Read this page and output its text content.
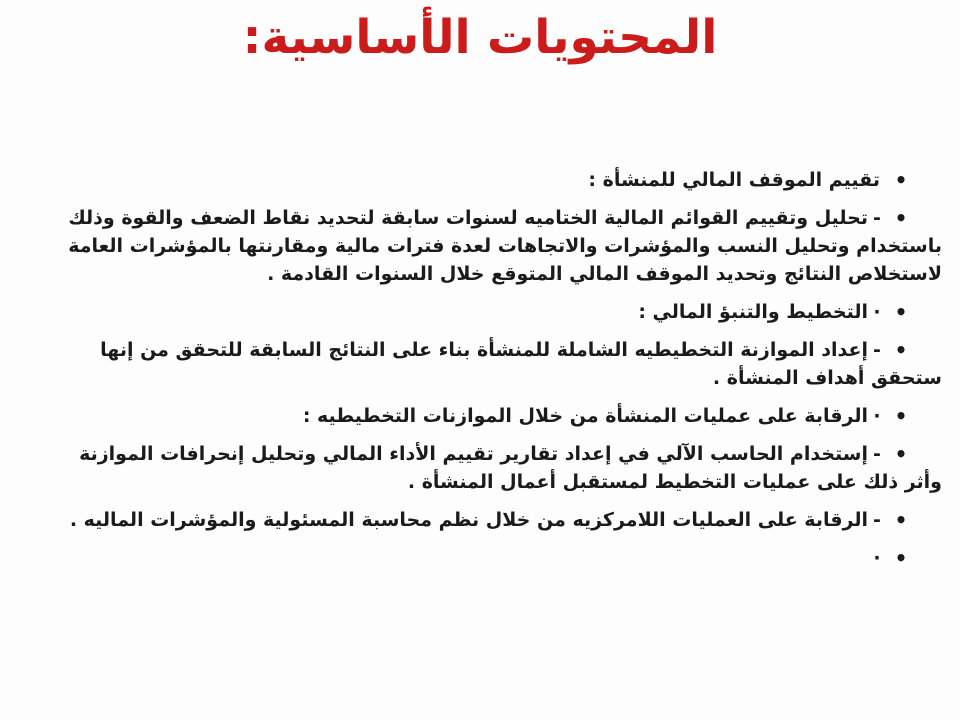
المحتويات الأساسية:
•
تقييم الموقف المالي للمنشأة :
•
-
تحليل وتقييم القوائم المالية الختاميه لسنوات سابقة لتحديد نقاط الضعف والقوة وذلك باستخدام وتحليل النسب والمؤشرات والاتجاهات لعدة فترات مالية ومقارنتها بالمؤشرات العامة لاستخلاص النتائج وتحديد الموقف المالي المتوقع خلال السنوات القادمة .
•
·
التخطيط والتنبؤ المالي :
•
-
إعداد الموازنة التخطيطيه الشاملة للمنشأة بناء على النتائج السابقة للتحقق من إنها ستحقق أهداف المنشأة .
•
·
الرقابة على عمليات المنشأة من خلال الموازنات التخطيطيه :
•
-
إستخدام الحاسب الآلي في إعداد تقارير تقييم الأداء المالي وتحليل إنحرافات الموازنة وأثر ذلك على عمليات التخطيط لمستقبل أعمال المنشأة .
•
-
الرقابة على العمليات اللامركزيه من خلال نظم محاسبة المسئولية والمؤشرات الماليه .
•
·
